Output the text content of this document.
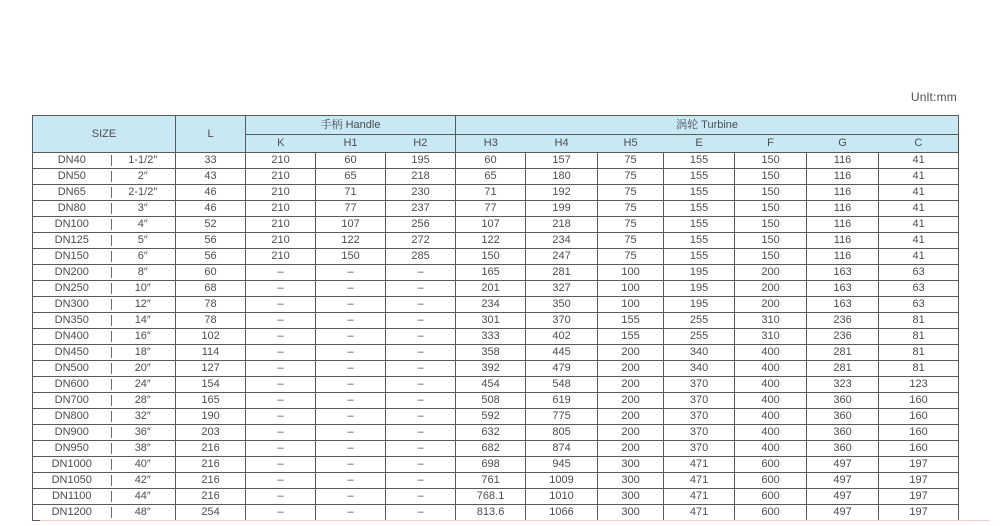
Unlt:mm
SIZE		L	手柄 Handle			涡轮 Turbine						
			K	H1	H2	H3	H4	H5	E	F	G	C
DN40	1-1/2″	33	210	60	195	60	157	75	155	150	116	41
DN50	2″	43	210	65	218	65	180	75	155	150	116	41
DN65	2-1/2″	46	210	71	230	71	192	75	155	150	116	41
DN80	3″	46	210	77	237	77	199	75	155	150	116	41
DN100	4″	52	210	107	256	107	218	75	155	150	116	41
DN125	5″	56	210	122	272	122	234	75	155	150	116	41
DN150	6″	56	210	150	285	150	247	75	155	150	116	41
DN200	8″	60	–	–	–	165	281	100	195	200	163	63
DN250	10″	68	–	–	–	201	327	100	195	200	163	63
DN300	12″	78	–	–	–	234	350	100	195	200	163	63
DN350	14″	78	–	–	–	301	370	155	255	310	236	81
DN400	16″	102	–	–	–	333	402	155	255	310	236	81
DN450	18″	114	–	–	–	358	445	200	340	400	281	81
DN500	20″	127	–	–	–	392	479	200	340	400	281	81
DN600	24″	154	–	–	–	454	548	200	370	400	323	123
DN700	28″	165	–	–	–	508	619	200	370	400	360	160
DN800	32″	190	–	–	–	592	775	200	370	400	360	160
DN900	36″	203	–	–	–	632	805	200	370	400	360	160
DN950	38″	216	–	–	–	682	874	200	370	400	360	160
DN1000	40″	216	–	–	–	698	945	300	471	600	497	197
DN1050	42″	216	–	–	–	761	1009	300	471	600	497	197
DN1100	44″	216	–	–	–	768.1	1010	300	471	600	497	197
DN1200	48″	254	–	–	–	813.6	1066	300	471	600	497	197
